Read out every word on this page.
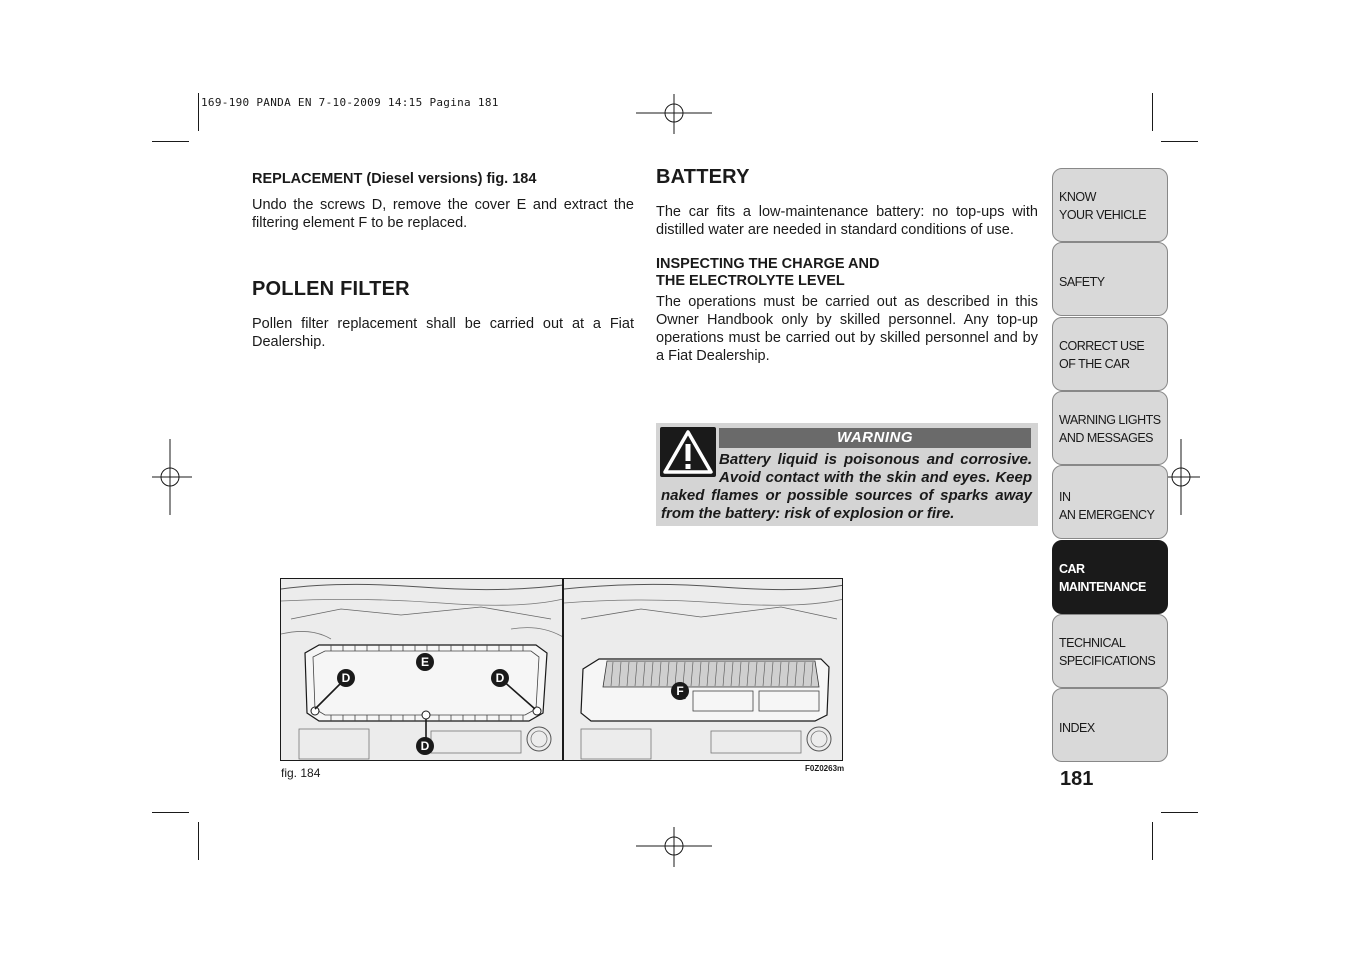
169-190 PANDA EN 7-10-2009 14:15 Pagina 181
REPLACEMENT (Diesel versions) fig. 184

Undo the screws D, remove the cover E and extract the filtering element F to be replaced.

POLLEN FILTER

Pollen filter replacement shall be carried out at a Fiat Dealership.

BATTERY

The car fits a low-maintenance battery: no top-ups with distilled water are needed in standard conditions of use.

INSPECTING THE CHARGE AND
THE ELECTROLYTE LEVEL

The operations must be carried out as described in this Owner Handbook only by skilled personnel. Any top-up operations must be carried out by skilled personnel and by a Fiat Dealership.

WARNING
Battery liquid is poisonous and corrosive. Avoid contact with the skin and eyes. Keep naked flames or possible sources of sparks away from the battery: risk of explosion or fire.
D
E
D
D
F
fig. 184	F0Z0263m
KNOW
YOUR VEHICLE
SAFETY
CORRECT USE
OF THE CAR
WARNING LIGHTS
AND MESSAGES
IN
AN EMERGENCY
CAR
MAINTENANCE
TECHNICAL
SPECIFICATIONS
INDEX
181
